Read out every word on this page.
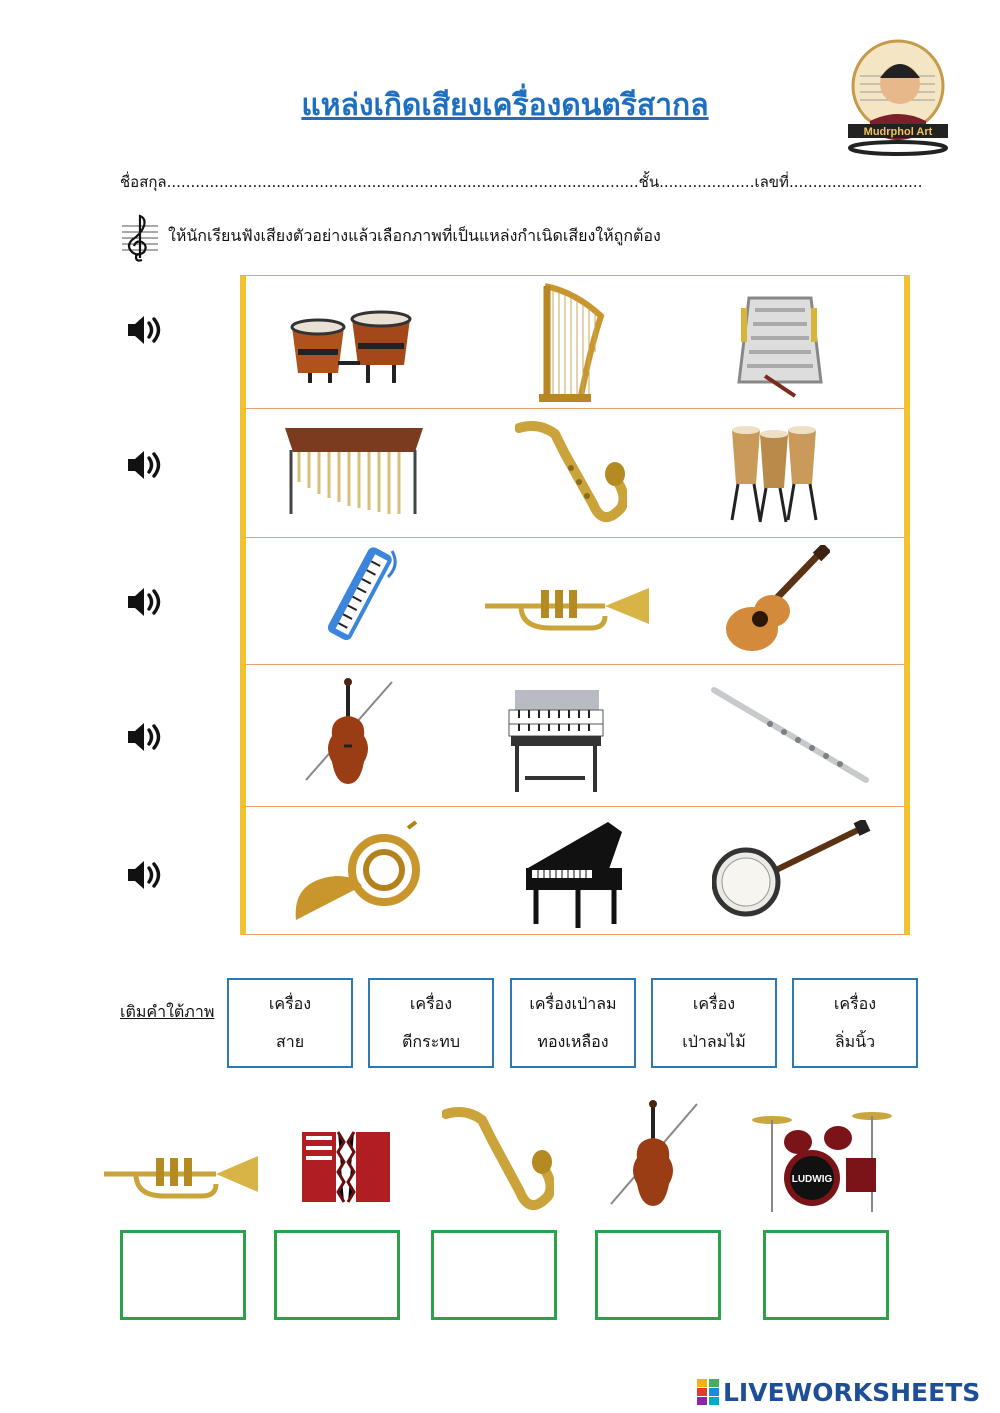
แหล่งเกิดเสียงเครื่องดนตรีสากล
Mudrphol Art
ชื่อสกุล...................................................................................................ชั้น....................เลขที่............................
ให้นักเรียนฟังเสียงตัวอย่างแล้วเลือกภาพที่เป็นแหล่งกำเนิดเสียงให้ถูกต้อง
เติมคำใต้ภาพ	เครื่อง
สาย
เครื่อง
ตีกระทบ
เครื่องเป่าลม
ทองเหลือง
เครื่อง
เป่าลมไม้
เครื่อง
ลิ่มนิ้ว
LUDWIG
LIVEWORKSHEETS
